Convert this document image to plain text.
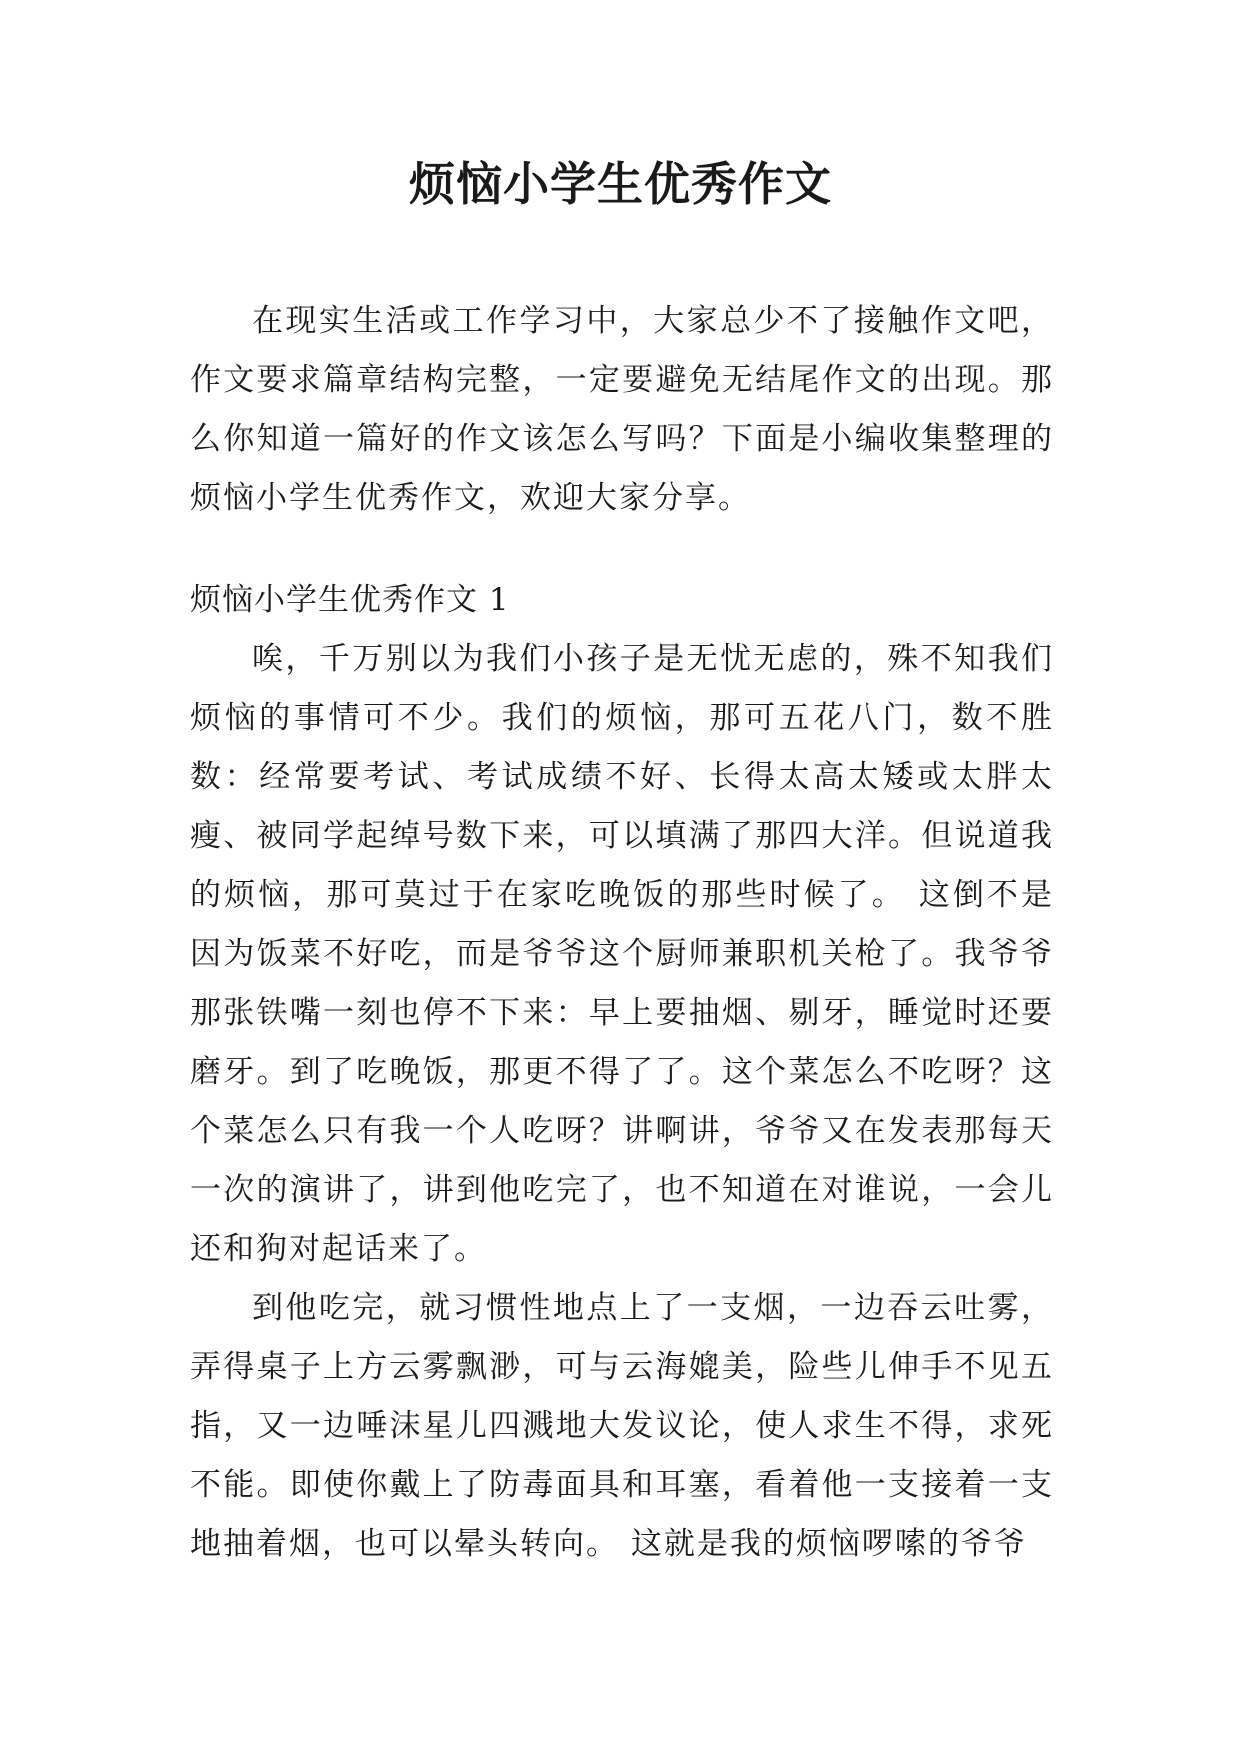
烦恼小学生优秀作文

在现实生活或工作学习中，大家总少不了接触作文吧，作文要求篇章结构完整，一定要避免无结尾作文的出现。那么你知道一篇好的作文该怎么写吗？下面是小编收集整理的烦恼小学生优秀作文，欢迎大家分享。

烦恼小学生优秀作文 1

唉，千万别以为我们小孩子是无忧无虑的，殊不知我们烦恼的事情可不少。我们的烦恼，那可五花八门，数不胜数：经常要考试、考试成绩不好、长得太高太矮或太胖太瘦、被同学起绰号数下来，可以填满了那四大洋。但说道我的烦恼，那可莫过于在家吃晚饭的那些时候了。 这倒不是因为饭菜不好吃，而是爷爷这个厨师兼职机关枪了。我爷爷那张铁嘴一刻也停不下来：早上要抽烟、剔牙，睡觉时还要磨牙。到了吃晚饭，那更不得了了。这个菜怎么不吃呀？这个菜怎么只有我一个人吃呀？讲啊讲，爷爷又在发表那每天一次的演讲了，讲到他吃完了，也不知道在对谁说，一会儿还和狗对起话来了。

到他吃完，就习惯性地点上了一支烟，一边吞云吐雾，弄得桌子上方云雾飘渺，可与云海媲美，险些儿伸手不见五指，又一边唾沫星儿四溅地大发议论，使人求生不得，求死不能。即使你戴上了防毒面具和耳塞，看着他一支接着一支地抽着烟，也可以晕头转向。 这就是我的烦恼啰嗦的爷爷
